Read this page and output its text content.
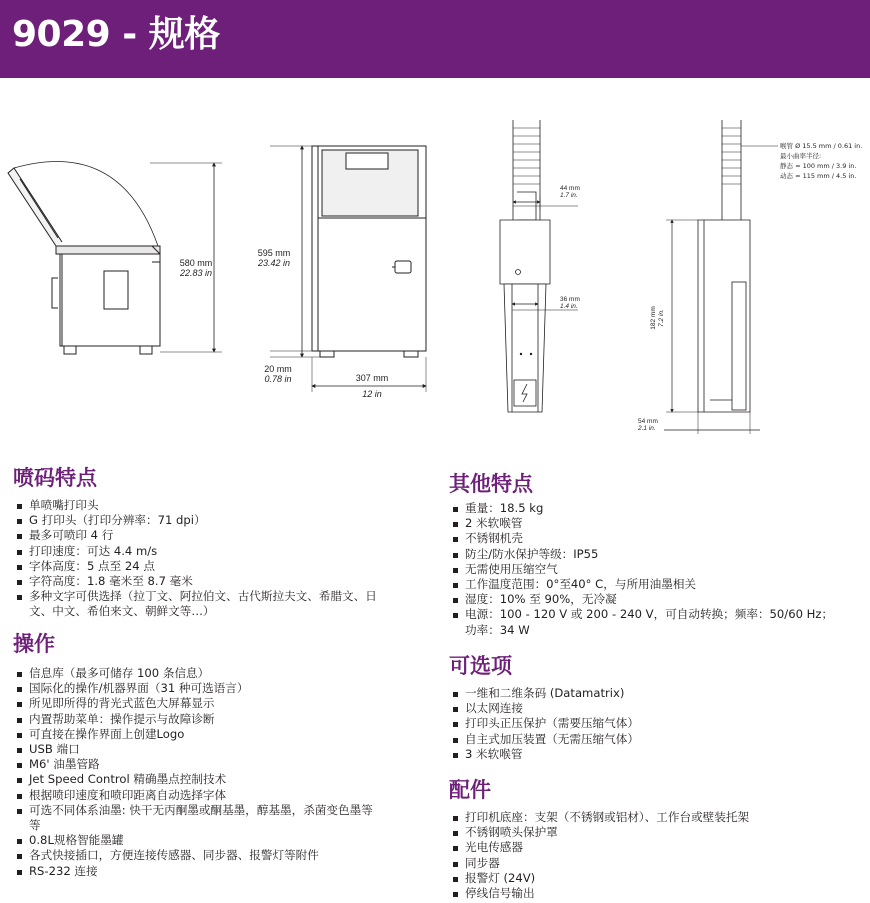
9029 - 规格
580 mm
22.83 in
595 mm
23.42 in
20 mm
0.78 in	307 mm
12 in
44 mm
1.7 in.
36 mm
1.4 in.	182 mm 7.2 in.
54 mm
2.1 in.
喉管 Ø 15.5 mm / 0.61 in.
最小曲率半径:
静态 = 100 mm / 3.9 in.
动态 = 115 mm / 4.5 in.
喷码特点
单喷嘴打印头
G 打印头（打印分辨率：71 dpi）
最多可喷印 4 行
打印速度：可达 4.4 m/s
字体高度：5 点至 24 点
字符高度：1.8 毫米至 8.7 毫米
多种文字可供选择（拉丁文、阿拉伯文、古代斯拉夫文、希腊文、日
文、中文、希伯来文、朝鲜文等…）
操作
信息库（最多可储存 100 条信息）
国际化的操作/机器界面（31 种可选语言）
所见即所得的背光式蓝色大屏幕显示
内置帮助菜单：操作提示与故障诊断
可直接在操作界面上创建Logo
USB 端口
M6' 油墨管路
Jet Speed Control 精确墨点控制技术
根据喷印速度和喷印距离自动选择字体
可选不同体系油墨: 快干无丙酮墨或酮基墨，醇基墨，杀菌变色墨等
等
0.8L规格智能墨罐
各式快接插口，方便连接传感器、同步器、报警灯等附件
RS-232 连接
其他特点
重量：18.5 kg
2 米软喉管
不锈钢机壳
防尘/防水保护等级：IP55
无需使用压缩空气
工作温度范围：0°至40° C，与所用油墨相关
湿度：10% 至 90%，无冷凝
电源：100 - 120 V 或 200 - 240 V，可自动转换；频率：50/60 Hz；
功率：34 W
可选项
一维和二维条码 (Datamatrix)
以太网连接
打印头正压保护（需要压缩气体）
自主式加压装置（无需压缩气体）
3 米软喉管
配件
打印机底座：支架（不锈钢或铝材）、工作台或壁装托架
不锈钢喷头保护罩
光电传感器
同步器
报警灯 (24V)
停线信号输出
